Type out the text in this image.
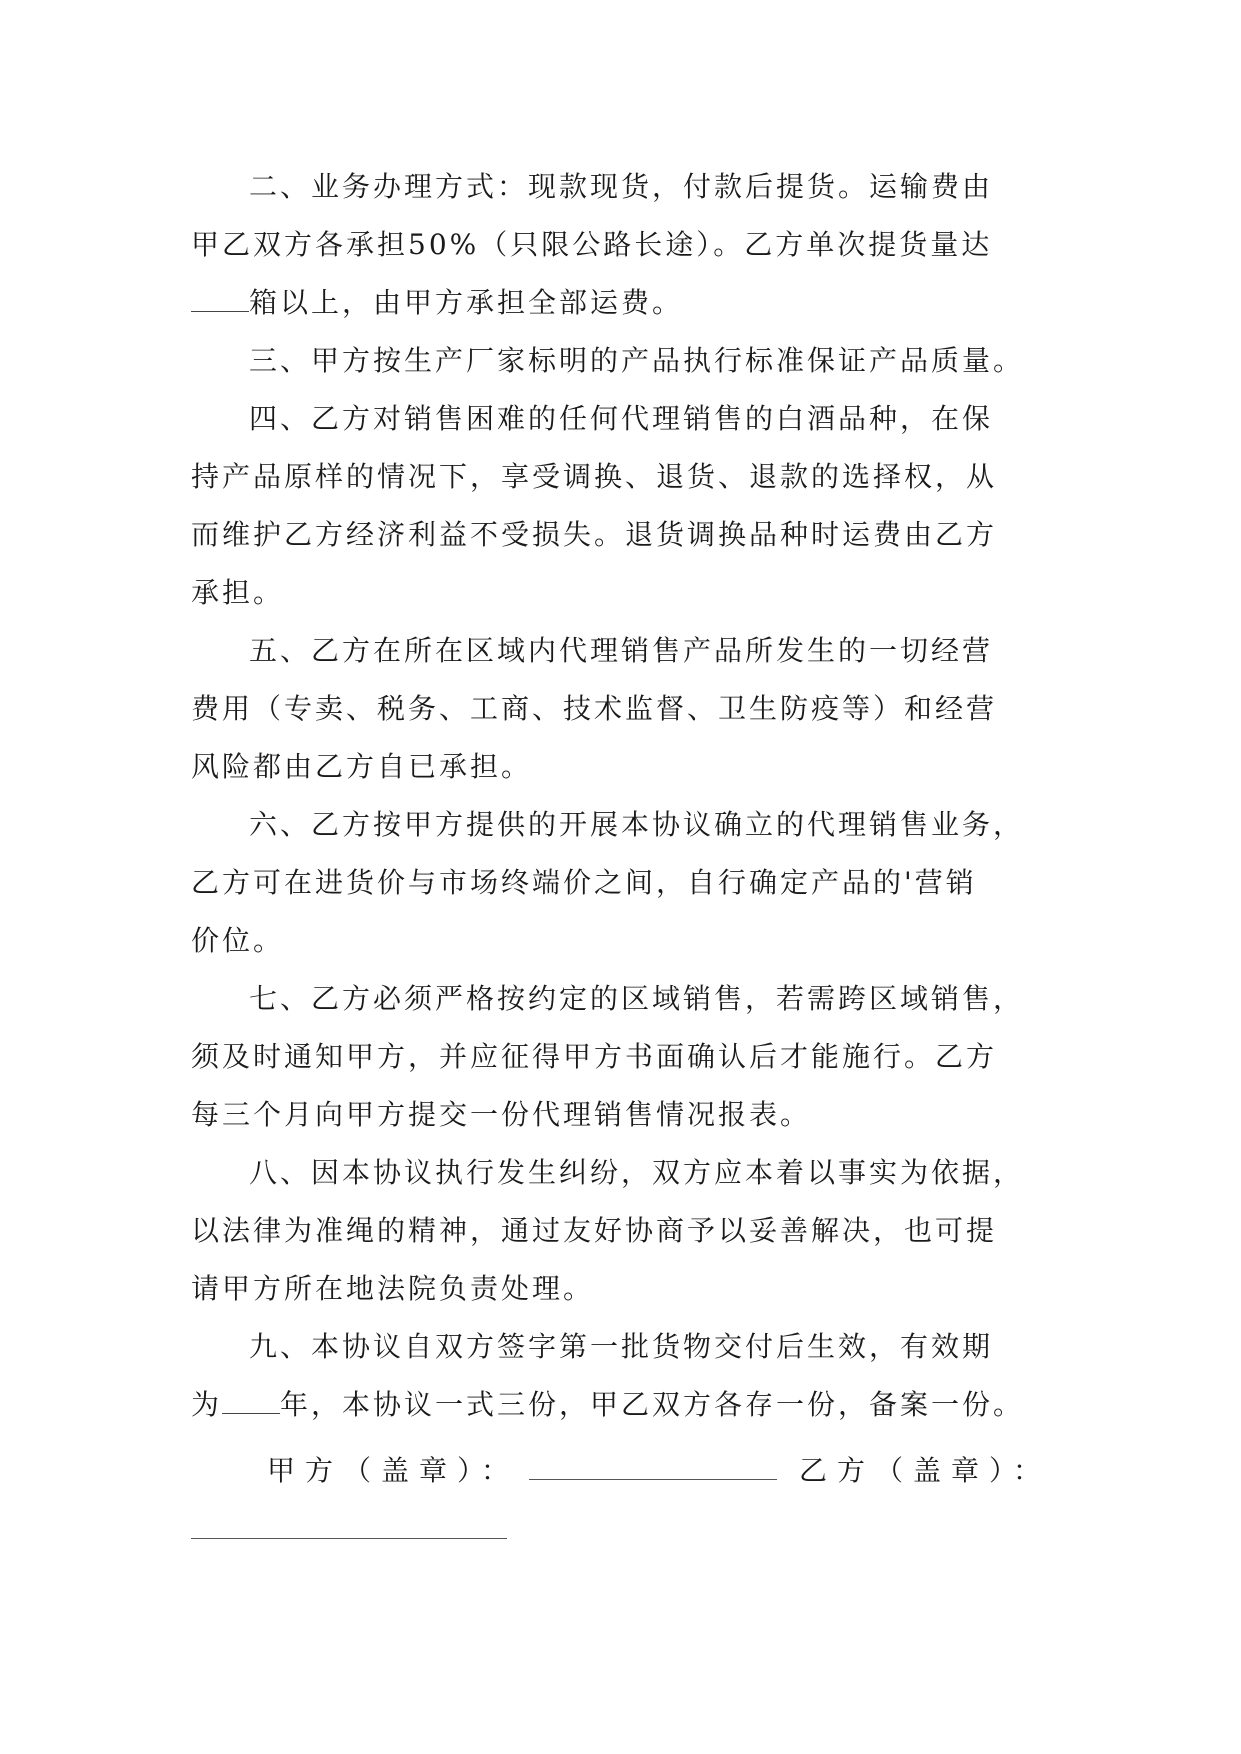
二、业务办理方式：现款现货，付款后提货。运输费由
甲乙双方各承担50%（只限公路长途）。乙方单次提货量达
箱以上，由甲方承担全部运费。
三、甲方按生产厂家标明的产品执行标准保证产品质量。
四、乙方对销售困难的任何代理销售的白酒品种，在保
持产品原样的情况下，享受调换、退货、退款的选择权，从
而维护乙方经济利益不受损失。退货调换品种时运费由乙方
承担。
五、乙方在所在区域内代理销售产品所发生的一切经营
费用（专卖、税务、工商、技术监督、卫生防疫等）和经营
风险都由乙方自已承担。
六、乙方按甲方提供的开展本协议确立的代理销售业务，
乙方可在进货价与市场终端价之间，自行确定产品的'营销
价位。
七、乙方必须严格按约定的区域销售，若需跨区域销售，
须及时通知甲方，并应征得甲方书面确认后才能施行。乙方
每三个月向甲方提交一份代理销售情况报表。
八、因本协议执行发生纠纷，双方应本着以事实为依据，
以法律为准绳的精神，通过友好协商予以妥善解决，也可提
请甲方所在地法院负责处理。
九、本协议自双方签字第一批货物交付后生效，有效期
为 年，本协议一式三份，甲乙双方各存一份，备案一份。
甲方（盖章）：	乙方（盖章）：
